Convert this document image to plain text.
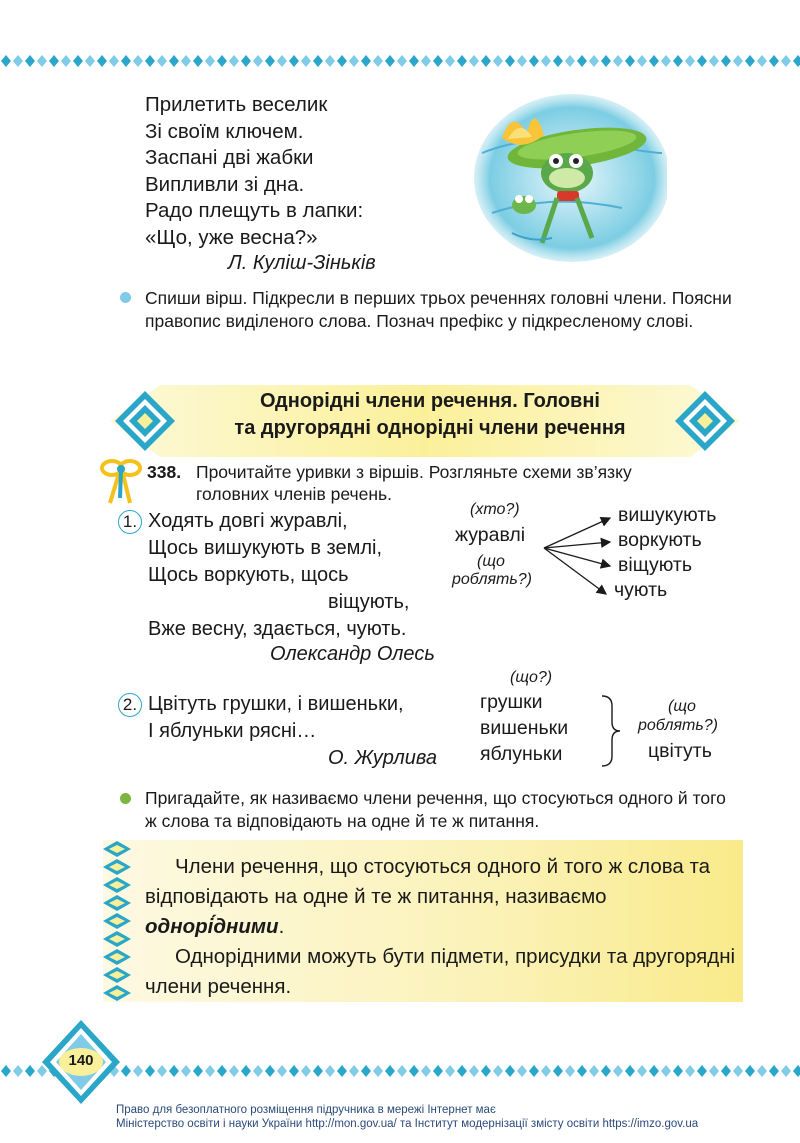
Прилетить веселик
Зі своїм ключем.
Заспані дві жабки
Випливли зі дна.
Радо плещуть в лапки:
«Що, уже весна?»
Л. Куліш-Зіньків
Спиши вірш. Підкресли в перших трьох реченнях головні члени. Поясни правопис виділеного слова. Познач префікс у підкресленому слові.
Однорідні члени речення. Головні
та другорядні однорідні члени речення
338. Прочитайте уривки з віршів. Розгляньте схеми зв’язку
головних членів речень.
1. Ходять довгі журавлі,
Щось вишукують в землі,
Щось воркують, щось
віщують,
Вже весну, здається, чують.
Олександр Олесь
(хто?)
журавлі
(що
роблять?)
вишукують
воркують
віщують
чують
2. Цвітуть грушки, і вишеньки,
І яблуньки рясні…
О. Журлива
(що?)
грушки
вишеньки
яблуньки
(що
роблять?)
цвітуть
Пригадайте, як називаємо члени речення, що стосуються одного й того ж слова та відповідають на одне й те ж питання.
Члени речення, що стосуються одного й того ж слова та відповідають на одне й те ж питання, називаємо однорі́дними.
Однорідними можуть бути підмети, присудки та другорядні члени речення.
140
Право для безоплатного розміщення підручника в мережі Інтернет має
Міністерство освіти і науки України http://mon.gov.ua/ та Інститут модернізації змісту освіти https://imzo.gov.ua
